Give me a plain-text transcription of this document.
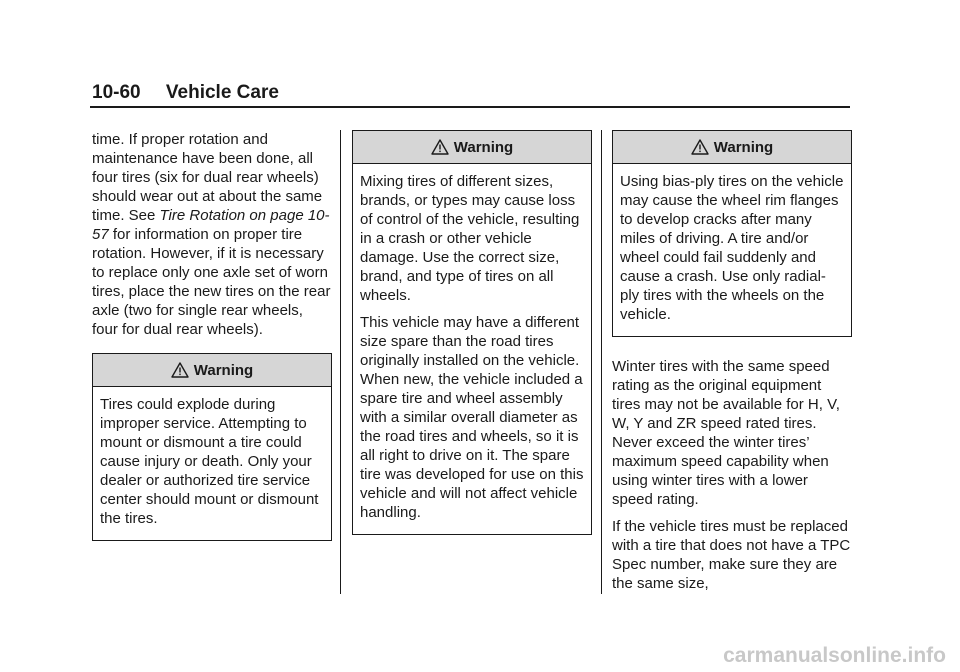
10-60 Vehicle Care

time. If proper rotation and maintenance have been done, all four tires (six for dual rear wheels) should wear out at about the same time. See Tire Rotation on page 10-57 for information on proper tire rotation. However, if it is necessary to replace only one axle set of worn tires, place the new tires on the rear axle (two for single rear wheels, four for dual rear wheels).

Warning

Tires could explode during improper service. Attempting to mount or dismount a tire could cause injury or death. Only your dealer or authorized tire service center should mount or dismount the tires.

Warning

Mixing tires of different sizes, brands, or types may cause loss of control of the vehicle, resulting in a crash or other vehicle damage. Use the correct size, brand, and type of tires on all wheels.

This vehicle may have a different size spare than the road tires originally installed on the vehicle. When new, the vehicle included a spare tire and wheel assembly with a similar overall diameter as the road tires and wheels, so it is all right to drive on it. The spare tire was developed for use on this vehicle and will not affect vehicle handling.

Warning

Using bias-ply tires on the vehicle may cause the wheel rim flanges to develop cracks after many miles of driving. A tire and/or wheel could fail suddenly and cause a crash. Use only radial-ply tires with the wheels on the vehicle.

Winter tires with the same speed rating as the original equipment tires may not be available for H, V, W, Y and ZR speed rated tires. Never exceed the winter tires’ maximum speed capability when using winter tires with a lower speed rating.

If the vehicle tires must be replaced with a tire that does not have a TPC Spec number, make sure they are the same size,

carmanualsonline.info
